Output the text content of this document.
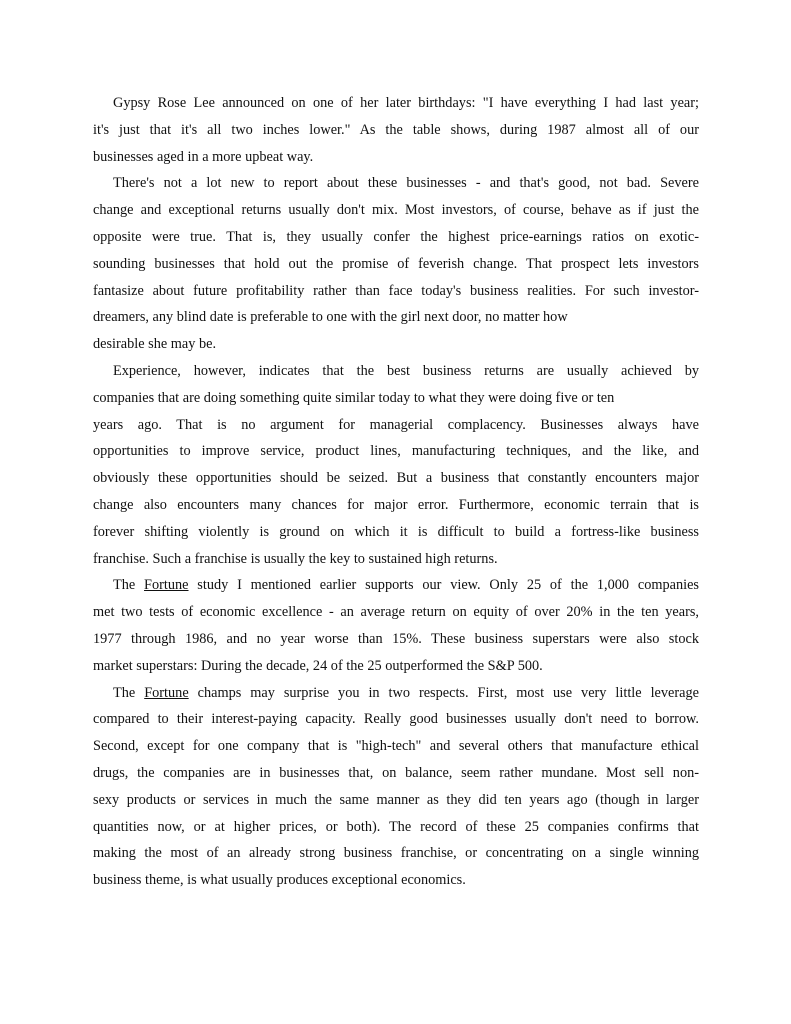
Gypsy Rose Lee announced on one of her later birthdays: "I have everything I had last year;
it's just that it's all two inches lower." As the table shows, during 1987 almost all of our
businesses aged in a more upbeat way.
There's not a lot new to report about these businesses - and that's good, not bad. Severe
change and exceptional returns usually don't mix. Most investors, of course, behave as if just the
opposite were true. That is, they usually confer the highest price-earnings ratios on exotic-
sounding businesses that hold out the promise of feverish change. That prospect lets investors
fantasize about future profitability rather than face today's business realities. For such investor-
dreamers, any blind date is preferable to one with the girl next door, no matter how
desirable she may be.
Experience, however, indicates that the best business returns are usually achieved by
companies that are doing something quite similar today to what they were doing five or ten
years ago. That is no argument for managerial complacency. Businesses always have
opportunities to improve service, product lines, manufacturing techniques, and the like, and
obviously these opportunities should be seized. But a business that constantly encounters major
change also encounters many chances for major error. Furthermore, economic terrain that is
forever shifting violently is ground on which it is difficult to build a fortress-like business
franchise. Such a franchise is usually the key to sustained high returns.
The Fortune study I mentioned earlier supports our view. Only 25 of the 1,000 companies
met two tests of economic excellence - an average return on equity of over 20% in the ten years,
1977 through 1986, and no year worse than 15%. These business superstars were also stock
market superstars: During the decade, 24 of the 25 outperformed the S&P 500.
The Fortune champs may surprise you in two respects. First, most use very little leverage
compared to their interest-paying capacity. Really good businesses usually don't need to borrow.
Second, except for one company that is "high-tech" and several others that manufacture ethical
drugs, the companies are in businesses that, on balance, seem rather mundane. Most sell non-
sexy products or services in much the same manner as they did ten years ago (though in larger
quantities now, or at higher prices, or both). The record of these 25 companies confirms that
making the most of an already strong business franchise, or concentrating on a single winning
business theme, is what usually produces exceptional economics.
